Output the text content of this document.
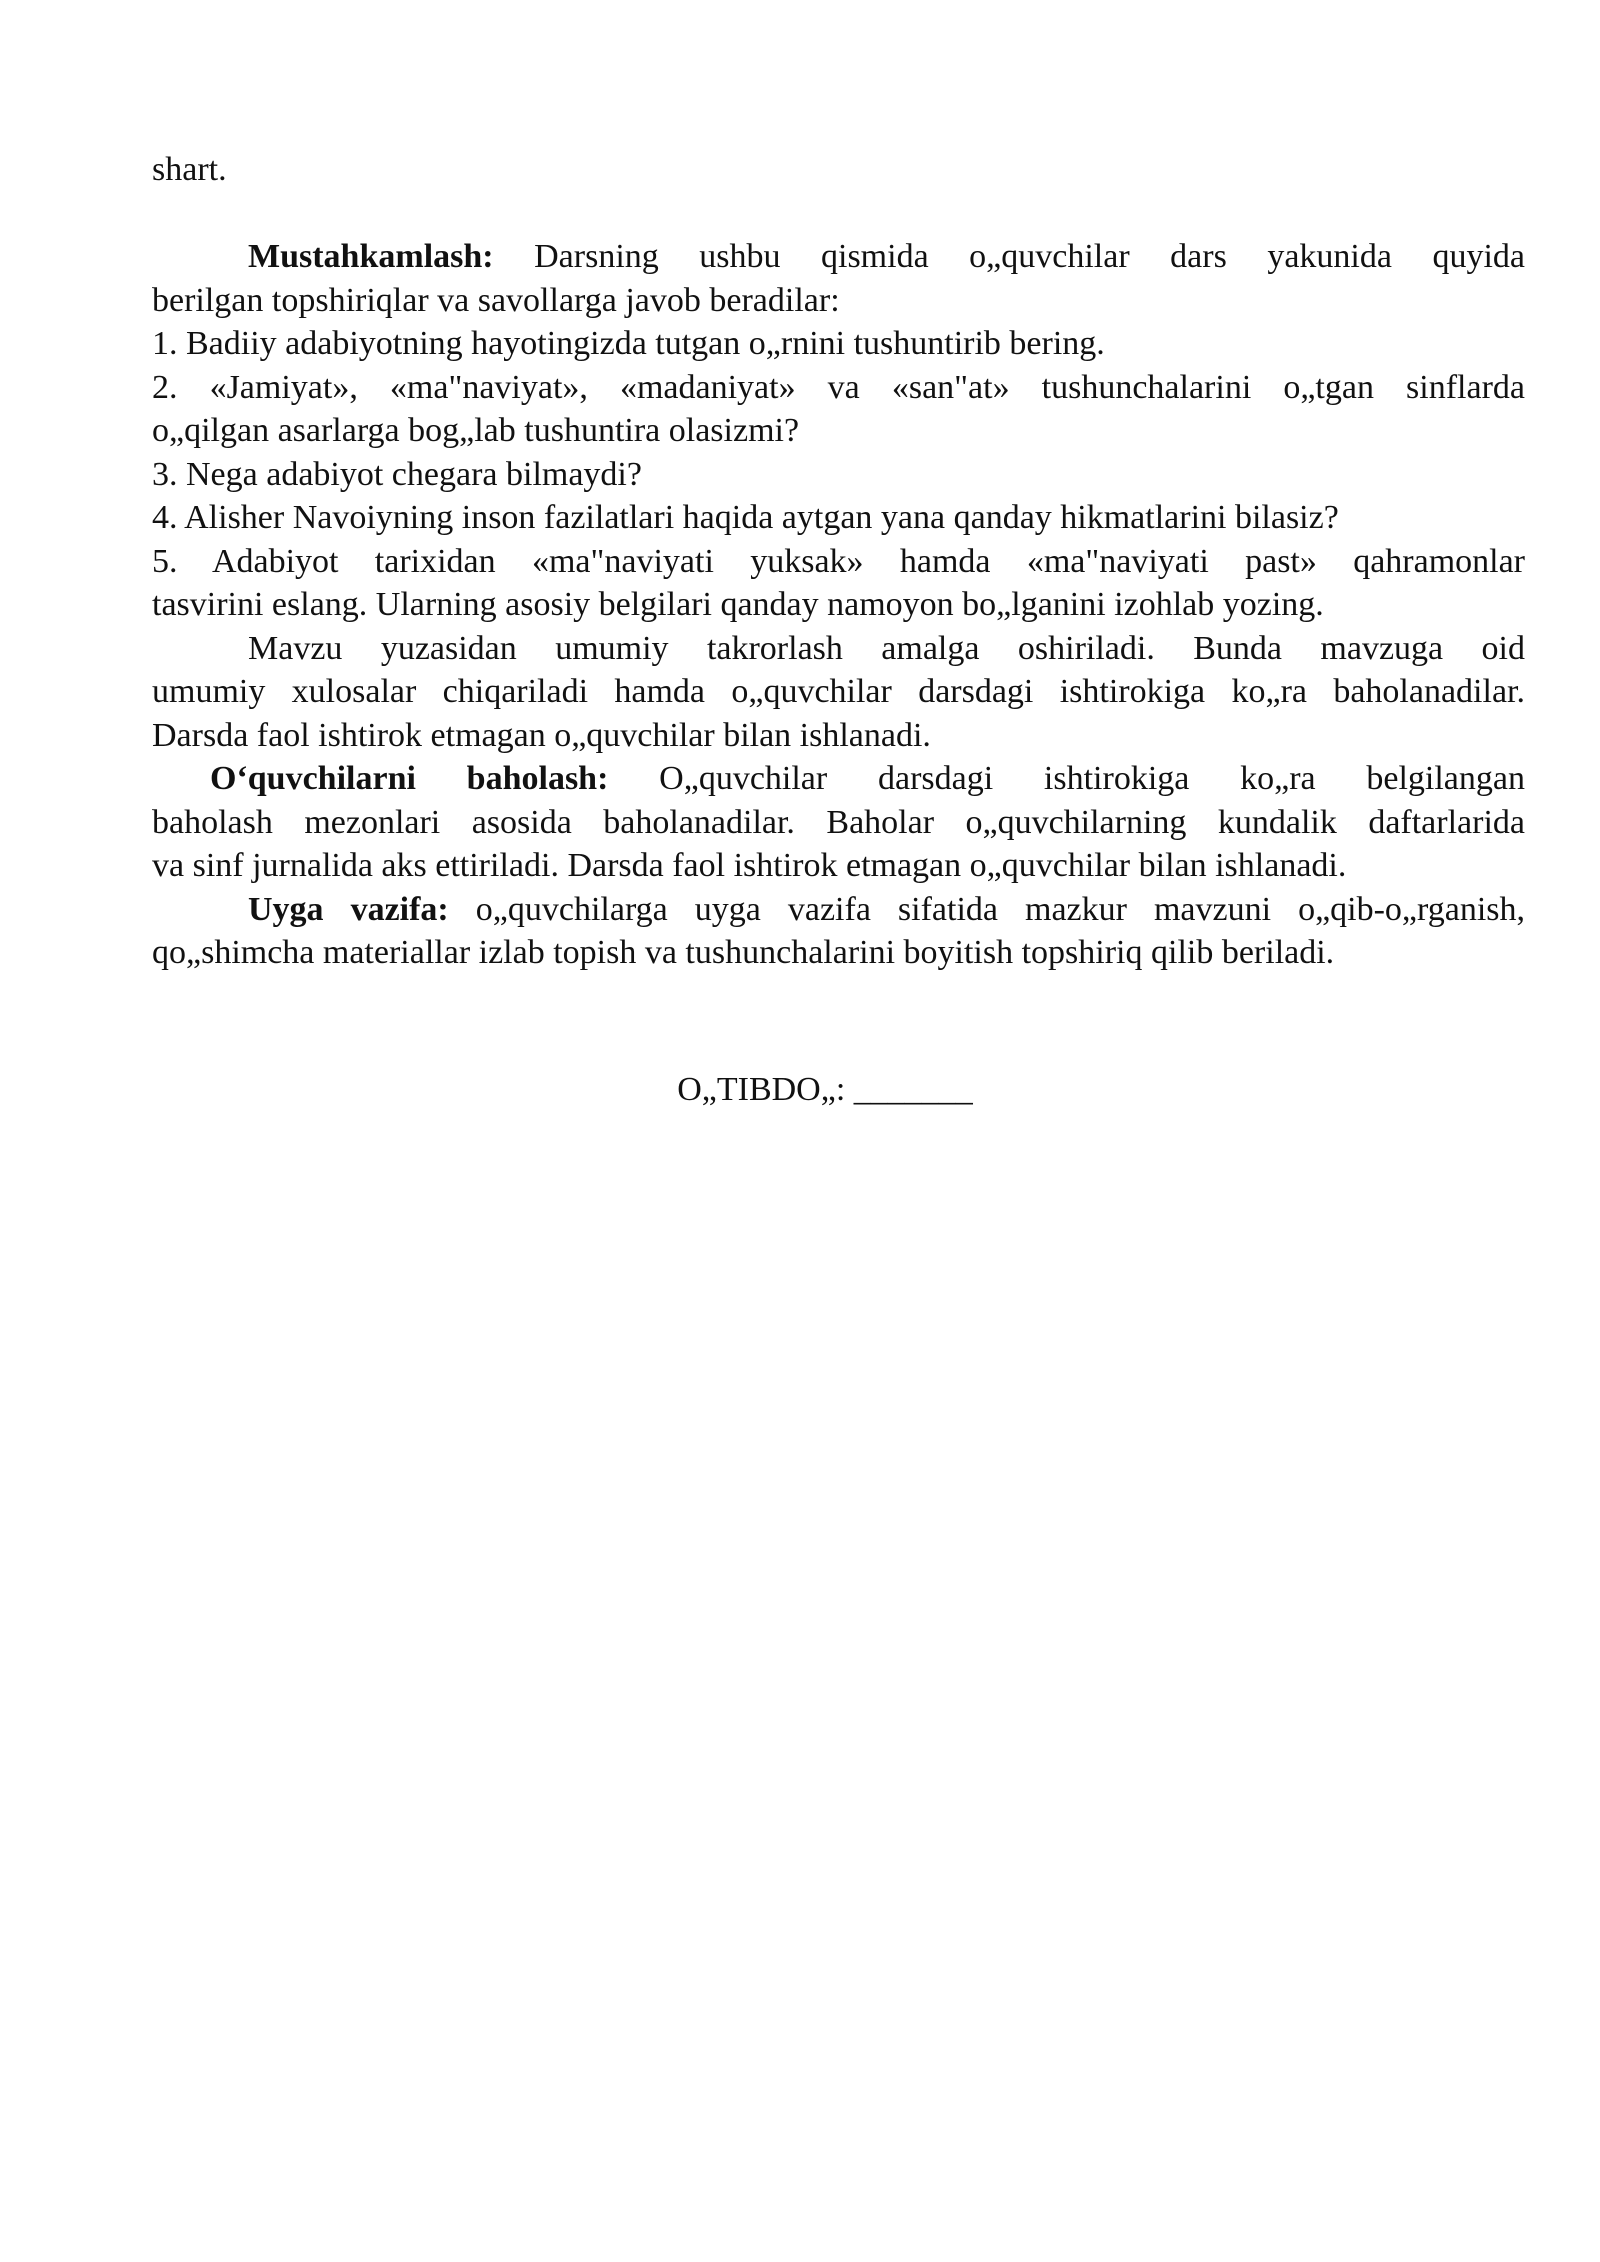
shart.
Mustahkamlash: Darsning ushbu qismida o„quvchilar dars yakunida quyida
berilgan topshiriqlar va savollarga javob beradilar:
1. Badiiy adabiyotning hayotingizda tutgan o„rnini tushuntirib bering.
2. «Jamiyat», «ma"naviyat», «madaniyat» va «san"at» tushunchalarini o„tgan sinflarda
o„qilgan asarlarga bog„lab tushuntira olasizmi?
3. Nega adabiyot chegara bilmaydi?
4. Alisher Navoiyning inson fazilatlari haqida aytgan yana qanday hikmatlarini bilasiz?
5. Adabiyot tarixidan «ma"naviyati yuksak» hamda «ma"naviyati past» qahramonlar
tasvirini eslang. Ularning asosiy belgilari qanday namoyon bo„lganini izohlab yozing.
Mavzu yuzasidan umumiy takrorlash amalga oshiriladi. Bunda mavzuga oid
umumiy xulosalar chiqariladi hamda o„quvchilar darsdagi ishtirokiga ko„ra baholanadilar.
Darsda faol ishtirok etmagan o„quvchilar bilan ishlanadi.
O‘quvchilarni baholash: O„quvchilar darsdagi ishtirokiga ko„ra belgilangan
baholash mezonlari asosida baholanadilar. Baholar o„quvchilarning kundalik daftarlarida
va sinf jurnalida aks ettiriladi. Darsda faol ishtirok etmagan o„quvchilar bilan ishlanadi.
Uyga vazifa: o„quvchilarga uyga vazifa sifatida mazkur mavzuni o„qib-o„rganish,
qo„shimcha materiallar izlab topish va tushunchalarini boyitish topshiriq qilib beriladi.
O„TIBDO„: _______
